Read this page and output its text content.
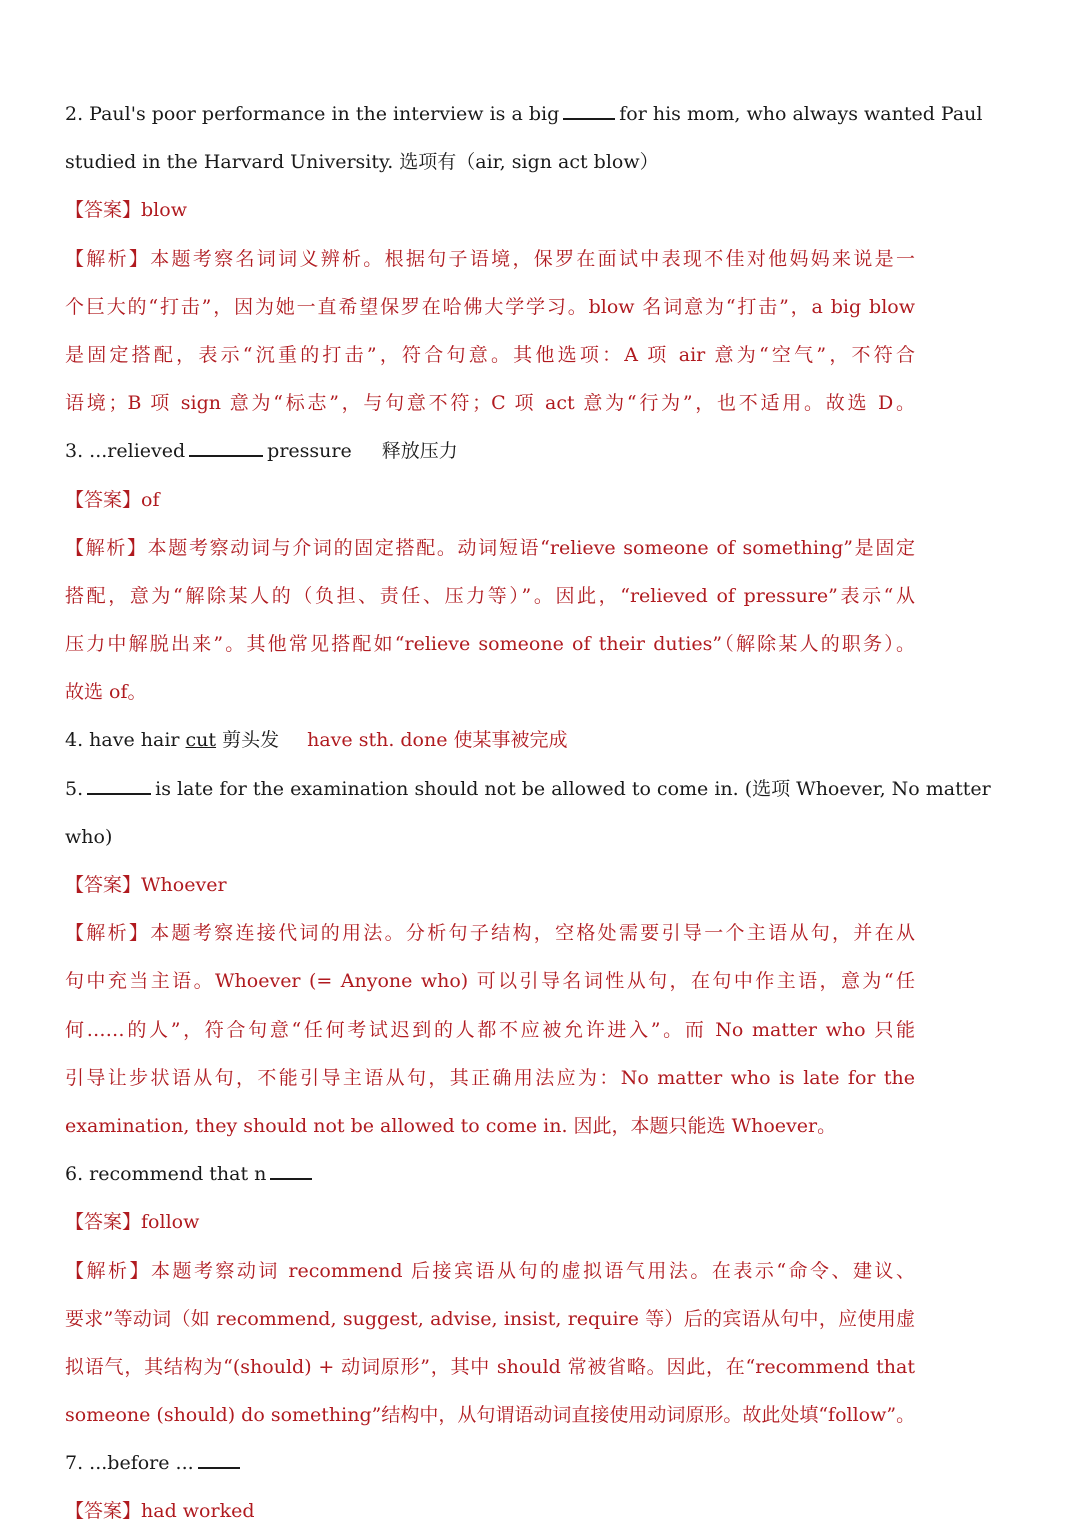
2. Paul's poor performance in the interview is a big	for his mom, who always wanted Paul
studied in the Harvard University. 选项有（air, sign act blow）
【答案】blow
【解析】本题考察名词词义辨析。根据句子语境，保罗在面试中表现不佳对他妈妈来说是一
个巨大的“打击”，因为她一直希望保罗在哈佛大学学习。blow 名词意为“打击”，a big blow
是固定搭配，表示“沉重的打击”，符合句意。其他选项：A 项 air 意为“空气”，不符合
语境；B 项 sign 意为“标志”，与句意不符；C 项 act 意为“行为”，也不适用。故选 D。
3. ...relieved	pressure 释放压力
【答案】of
【解析】本题考察动词与介词的固定搭配。动词短语“relieve someone of something”是固定
搭配，意为“解除某人的（负担、责任、压力等）”。因此，“relieved of pressure”表示“从
压力中解脱出来”。其他常见搭配如“relieve someone of their duties”（解除某人的职务）。
故选 of。
4. have hair cut 剪头发 have sth. done 使某事被完成
5.	is late for the examination should not be allowed to come in. (选项 Whoever, No matter
who)
【答案】Whoever
【解析】本题考察连接代词的用法。分析句子结构，空格处需要引导一个主语从句，并在从
句中充当主语。Whoever (= Anyone who) 可以引导名词性从句，在句中作主语，意为“任
何……的人”，符合句意“任何考试迟到的人都不应被允许进入”。而 No matter who 只能
引导让步状语从句，不能引导主语从句，其正确用法应为：No matter who is late for the
examination, they should not be allowed to come in. 因此，本题只能选 Whoever。
6. recommend that n
【答案】follow
【解析】本题考察动词 recommend 后接宾语从句的虚拟语气用法。在表示“命令、建议、
要求”等动词（如 recommend, suggest, advise, insist, require 等）后的宾语从句中，应使用虚
拟语气，其结构为“(should) + 动词原形”，其中 should 常被省略。因此，在“recommend that
someone (should) do something”结构中，从句谓语动词直接使用动词原形。故此处填“follow”。
7. ...before ...
【答案】had worked
